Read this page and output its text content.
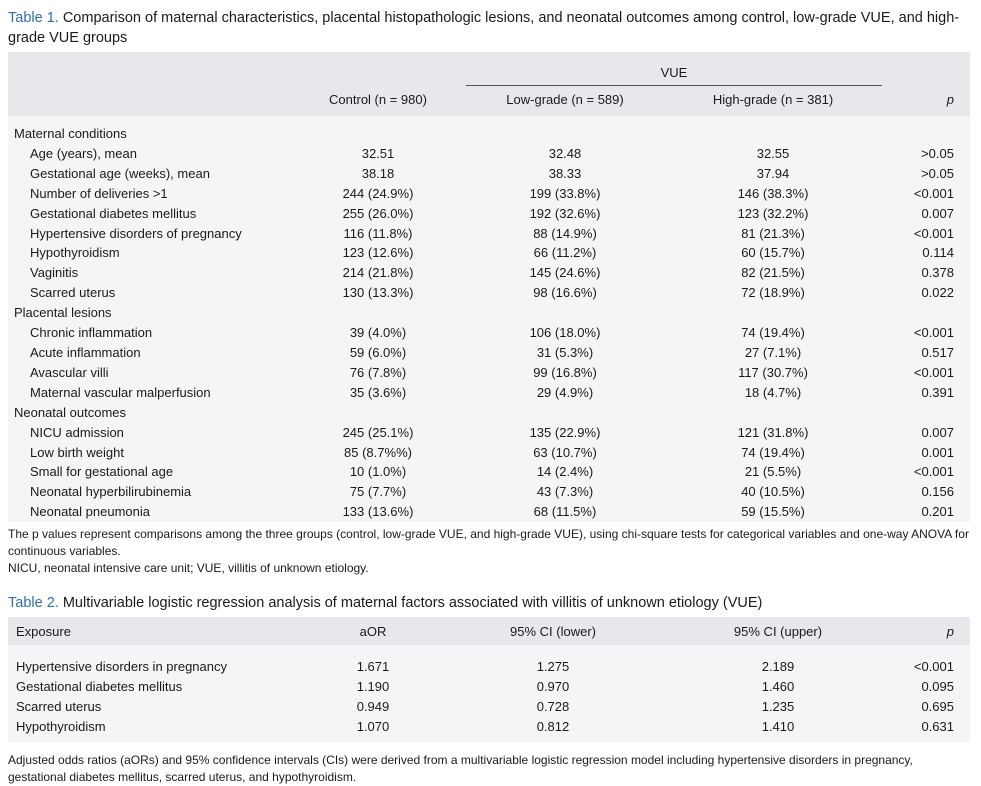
Table 1. Comparison of maternal characteristics, placental histopathologic lesions, and neonatal outcomes among control, low-grade VUE, and high-grade VUE groups
		VUE	

	Control (n = 980)	Low-grade (n = 589)	High-grade (n = 381)	p

Maternal conditions				
Age (years), mean	32.51	32.48	32.55	>0.05
Gestational age (weeks), mean	38.18	38.33	37.94	>0.05
Number of deliveries >1	244 (24.9%)	199 (33.8%)	146 (38.3%)	<0.001
Gestational diabetes mellitus	255 (26.0%)	192 (32.6%)	123 (32.2%)	0.007
Hypertensive disorders of pregnancy	116 (11.8%)	88 (14.9%)	81 (21.3%)	<0.001
Hypothyroidism	123 (12.6%)	66 (11.2%)	60 (15.7%)	0.114
Vaginitis	214 (21.8%)	145 (24.6%)	82 (21.5%)	0.378
Scarred uterus	130 (13.3%)	98 (16.6%)	72 (18.9%)	0.022
Placental lesions				
Chronic inflammation	39 (4.0%)	106 (18.0%)	74 (19.4%)	<0.001
Acute inflammation	59 (6.0%)	31 (5.3%)	27 (7.1%)	0.517
Avascular villi	76 (7.8%)	99 (16.8%)	117 (30.7%)	<0.001
Maternal vascular malperfusion	35 (3.6%)	29 (4.9%)	18 (4.7%)	0.391
Neonatal outcomes				
NICU admission	245 (25.1%)	135 (22.9%)	121 (31.8%)	0.007
Low birth weight	85 (8.7%%)	63 (10.7%)	74 (19.4%)	0.001
Small for gestational age	10 (1.0%)	14 (2.4%)	21 (5.5%)	<0.001
Neonatal hyperbilirubinemia	75 (7.7%)	43 (7.3%)	40 (10.5%)	0.156
Neonatal pneumonia	133 (13.6%)	68 (11.5%)	59 (15.5%)	0.201

The p values represent comparisons among the three groups (control, low-grade VUE, and high-grade VUE), using chi-square tests for categorical variables and one-way ANOVA for continuous variables.

NICU, neonatal intensive care unit; VUE, villitis of unknown etiology.

Table 2. Multivariable logistic regression analysis of maternal factors associated with villitis of unknown etiology (VUE)
Exposure	aOR	95% CI (lower)	95% CI (upper)	p

Hypertensive disorders in pregnancy	1.671	1.275	2.189	<0.001
Gestational diabetes mellitus	1.190	0.970	1.460	0.095
Scarred uterus	0.949	0.728	1.235	0.695
Hypothyroidism	1.070	0.812	1.410	0.631

Adjusted odds ratios (aORs) and 95% confidence intervals (CIs) were derived from a multivariable logistic regression model including hypertensive disorders in pregnancy, gestational diabetes mellitus, scarred uterus, and hypothyroidism.
